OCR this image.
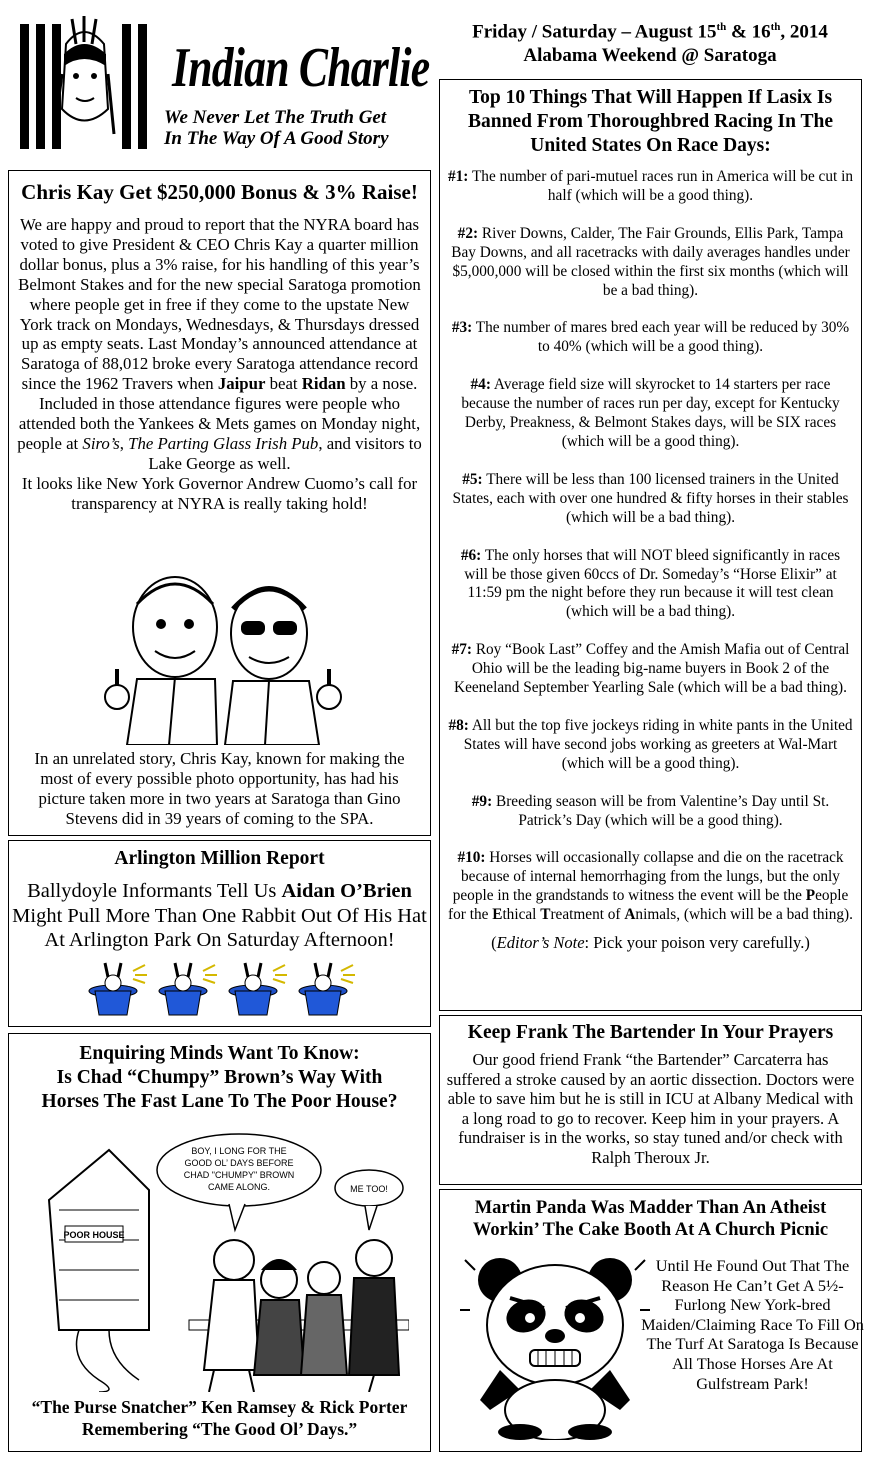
Indian Charlie
We Never Let The Truth Get
In The Way Of A Good Story
Friday / Saturday – August 15th & 16th, 2014
Alabama Weekend @ Saratoga
Chris Kay Get $250,000 Bonus & 3% Raise!

We are happy and proud to report that the NYRA board has voted to give President & CEO Chris Kay a quarter million dollar bonus, plus a 3% raise, for his handling of this year’s Belmont Stakes and for the new special Saratoga promotion where people get in free if they come to the upstate New York track on Mondays, Wednesdays, & Thursdays dressed up as empty seats. Last Monday’s announced attendance at Saratoga of 88,012 broke every Saratoga attendance record since the 1962 Travers when Jaipur beat Ridan by a nose. Included in those attendance figures were people who attended both the Yankees & Mets games on Monday night, people at Siro’s, The Parting Glass Irish Pub, and visitors to Lake George as well.

It looks like New York Governor Andrew Cuomo’s call for transparency at NYRA is really taking hold!

In an unrelated story, Chris Kay, known for making the most of every possible photo opportunity, has had his picture taken more in two years at Saratoga than Gino Stevens did in 39 years of coming to the SPA.
Arlington Million Report
Ballydoyle Informants Tell Us Aidan O’Brien Might Pull More Than One Rabbit Out Of His Hat At Arlington Park On Saturday Afternoon!
Enquiring Minds Want To Know:
Is Chad “Chumpy” Brown’s Way With
Horses The Fast Lane To The Poor House?
POOR HOUSE
BOY, I LONG FOR THE
GOOD OL’ DAYS BEFORE
CHAD "CHUMPY" BROWN
CAME ALONG.	ME TOO!
“The Purse Snatcher” Ken Ramsey & Rick Porter
Remembering “The Good Ol’ Days.”
Top 10 Things That Will Happen If Lasix Is Banned From Thoroughbred Racing In The United States On Race Days:

#1: The number of pari-mutuel races run in America will be cut in half (which will be a good thing).

#2: River Downs, Calder, The Fair Grounds, Ellis Park, Tampa Bay Downs, and all racetracks with daily averages handles under $5,000,000 will be closed within the first six months (which will be a bad thing).

#3: The number of mares bred each year will be reduced by 30% to 40% (which will be a good thing).

#4: Average field size will skyrocket to 14 starters per race because the number of races run per day, except for Kentucky Derby, Preakness, & Belmont Stakes days, will be SIX races (which will be a good thing).

#5: There will be less than 100 licensed trainers in the United States, each with over one hundred & fifty horses in their stables (which will be a bad thing).

#6: The only horses that will NOT bleed significantly in races will be those given 60ccs of Dr. Someday’s “Horse Elixir” at 11:59 pm the night before they run because it will test clean (which will be a bad thing).

#7: Roy “Book Last” Coffey and the Amish Mafia out of Central Ohio will be the leading big-name buyers in Book 2 of the Keeneland September Yearling Sale (which will be a bad thing).

#8: All but the top five jockeys riding in white pants in the United States will have second jobs working as greeters at Wal-Mart (which will be a good thing).

#9: Breeding season will be from Valentine’s Day until St. Patrick’s Day (which will be a good thing).

#10: Horses will occasionally collapse and die on the racetrack because of internal hemorrhaging from the lungs, but the only people in the grandstands to witness the event will be the People for the Ethical Treatment of Animals, (which will be a bad thing).

(Editor’s Note: Pick your poison very carefully.)

Keep Frank The Bartender In Your Prayers
Our good friend Frank “the Bartender” Carcaterra has suffered a stroke caused by an aortic dissection. Doctors were able to save him but he is still in ICU at Albany Medical with a long road to go to recover. Keep him in your prayers. A fundraiser is in the works, so stay tuned and/or check with Ralph Theroux Jr.
Martin Panda Was Madder Than An Atheist
Workin’ The Cake Booth At A Church Picnic
Until He Found Out That The Reason He Can’t Get A 5½-Furlong New York-bred Maiden/Claiming Race To Fill On The Turf At Saratoga Is Because All Those Horses Are At Gulfstream Park!
